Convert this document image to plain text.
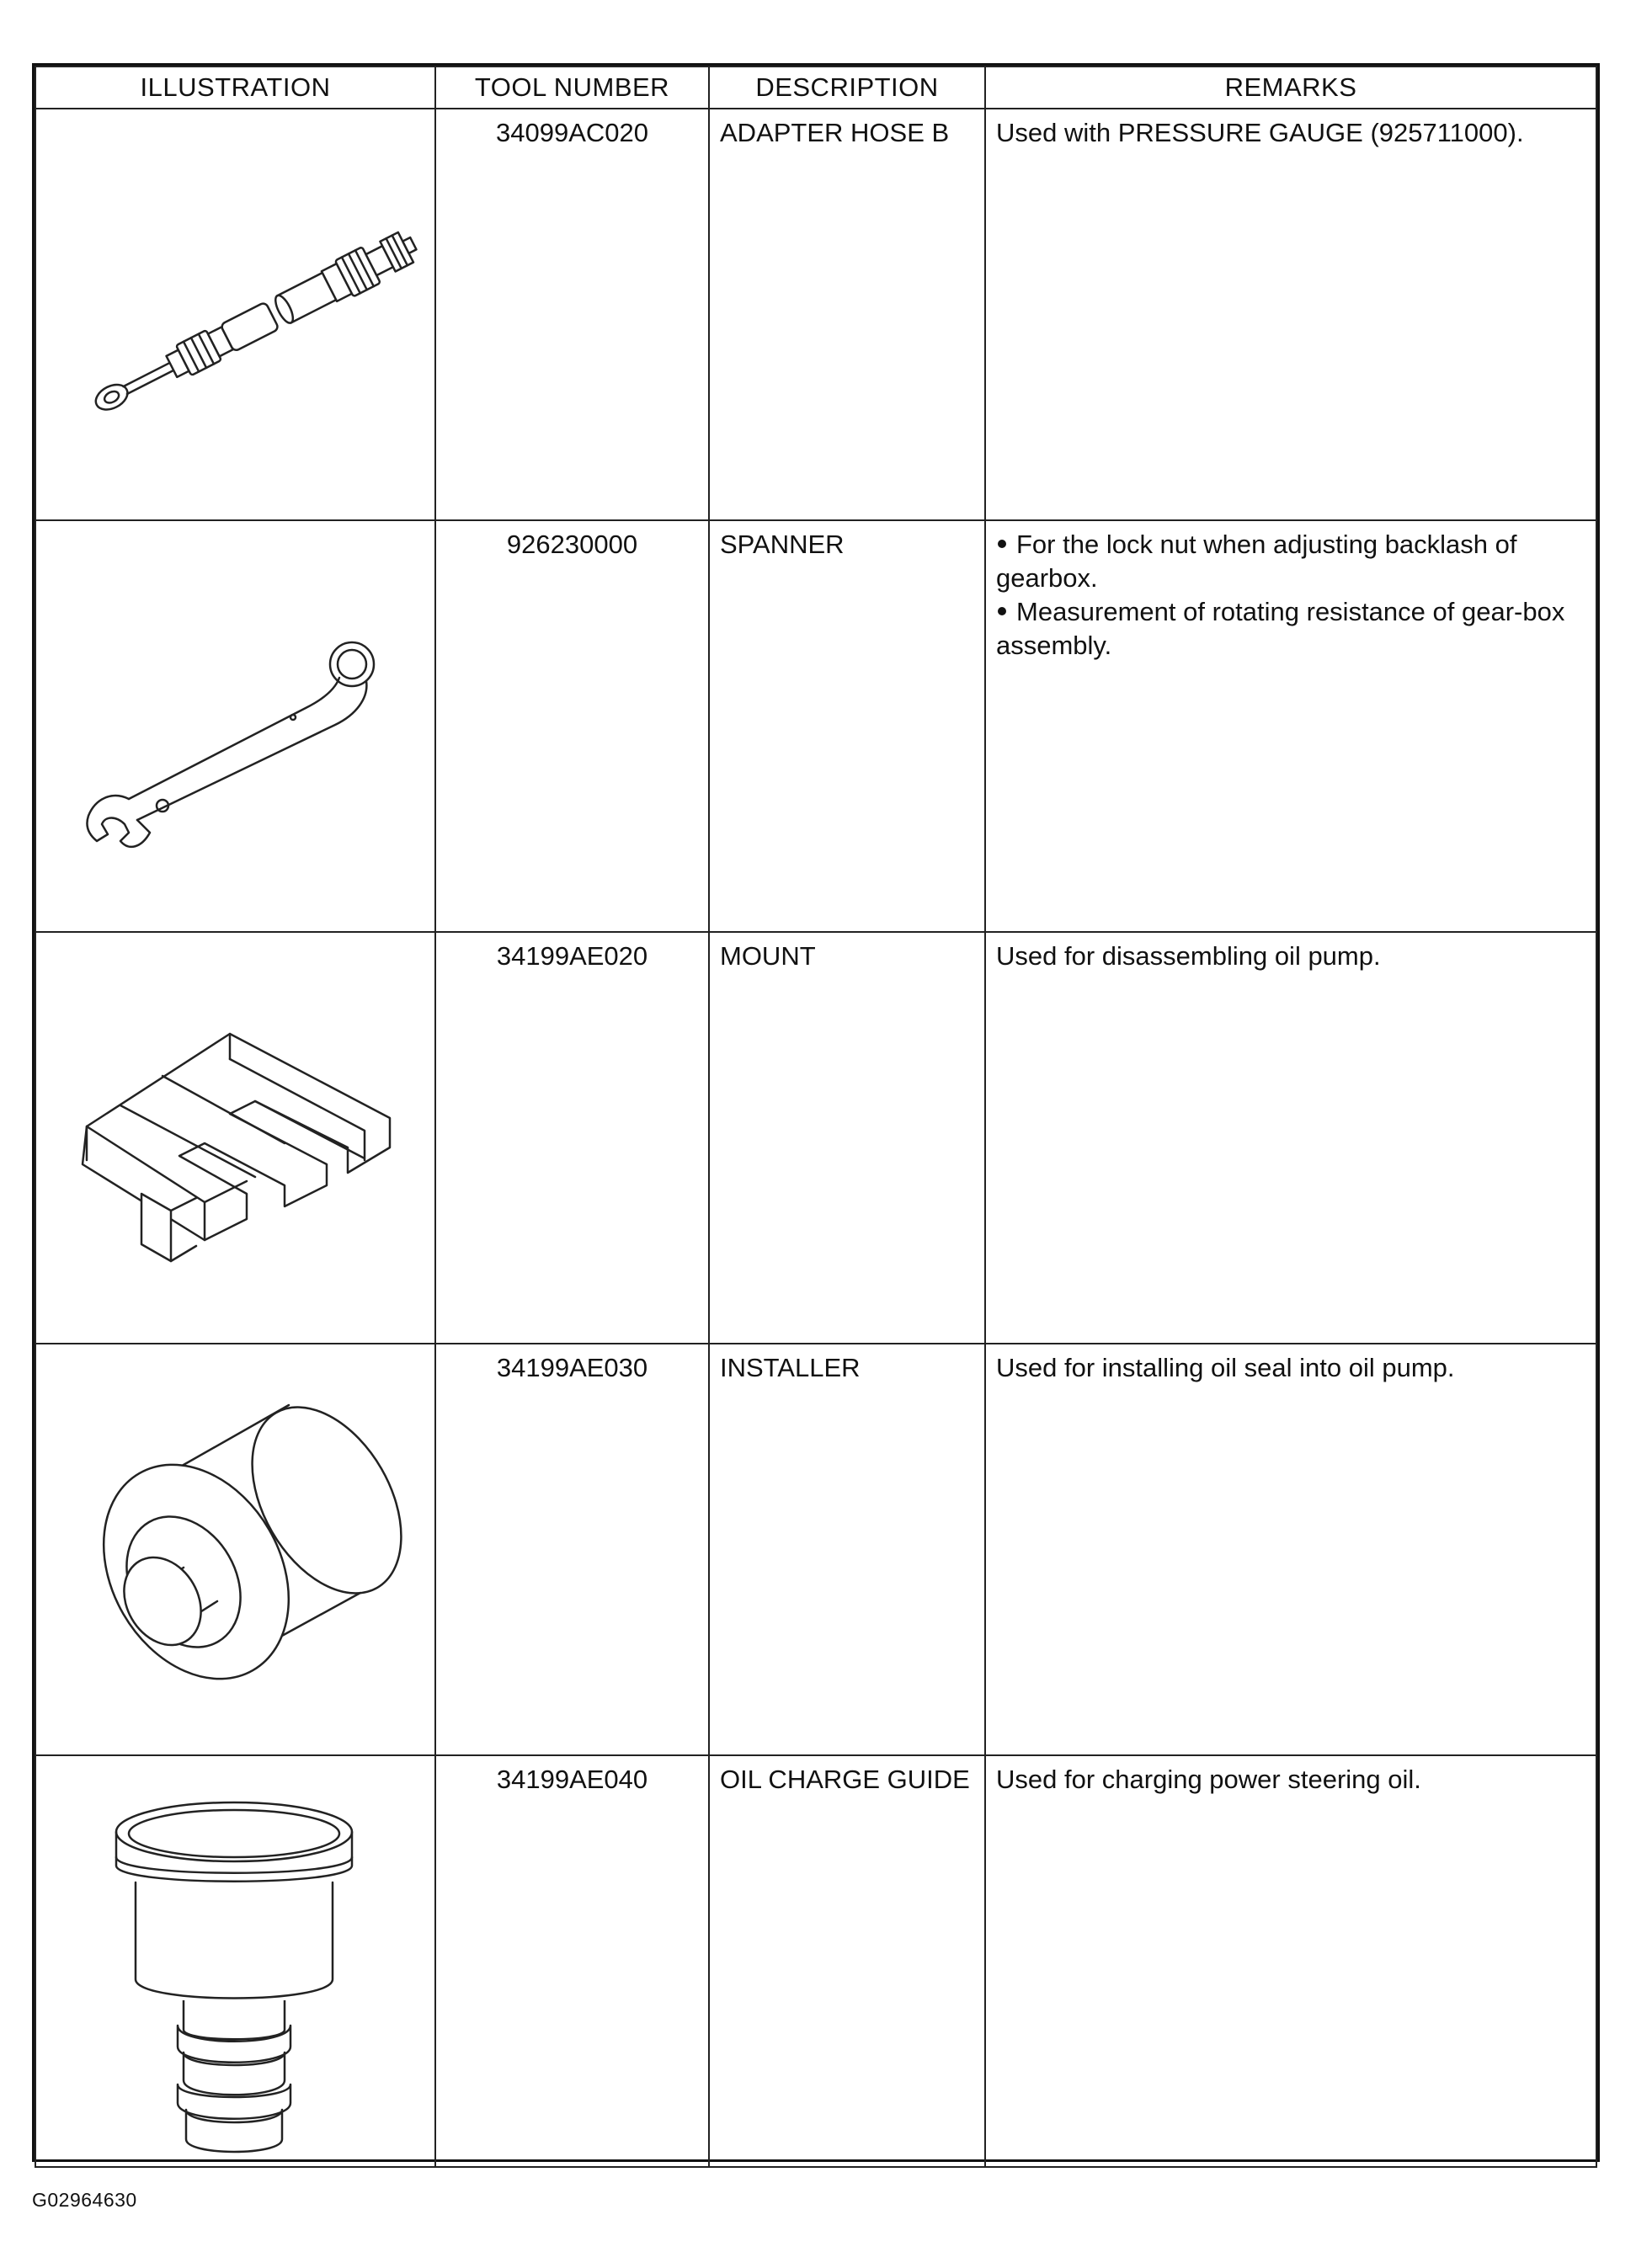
ILLUSTRATION	TOOL NUMBER	DESCRIPTION	REMARKS

	34099AC020	ADAPTER HOSE B	Used with PRESSURE GAUGE (925711000).

	926230000	SPANNER	For the lock nut when adjusting backlash of gearbox.
Measurement of rotating resistance of gear-box assembly.

	34199AE020	MOUNT	Used for disassembling oil pump.

	34199AE030	INSTALLER	Used for installing oil seal into oil pump.

	34199AE040	OIL CHARGE GUIDE	Used for charging power steering oil.
G02964630
